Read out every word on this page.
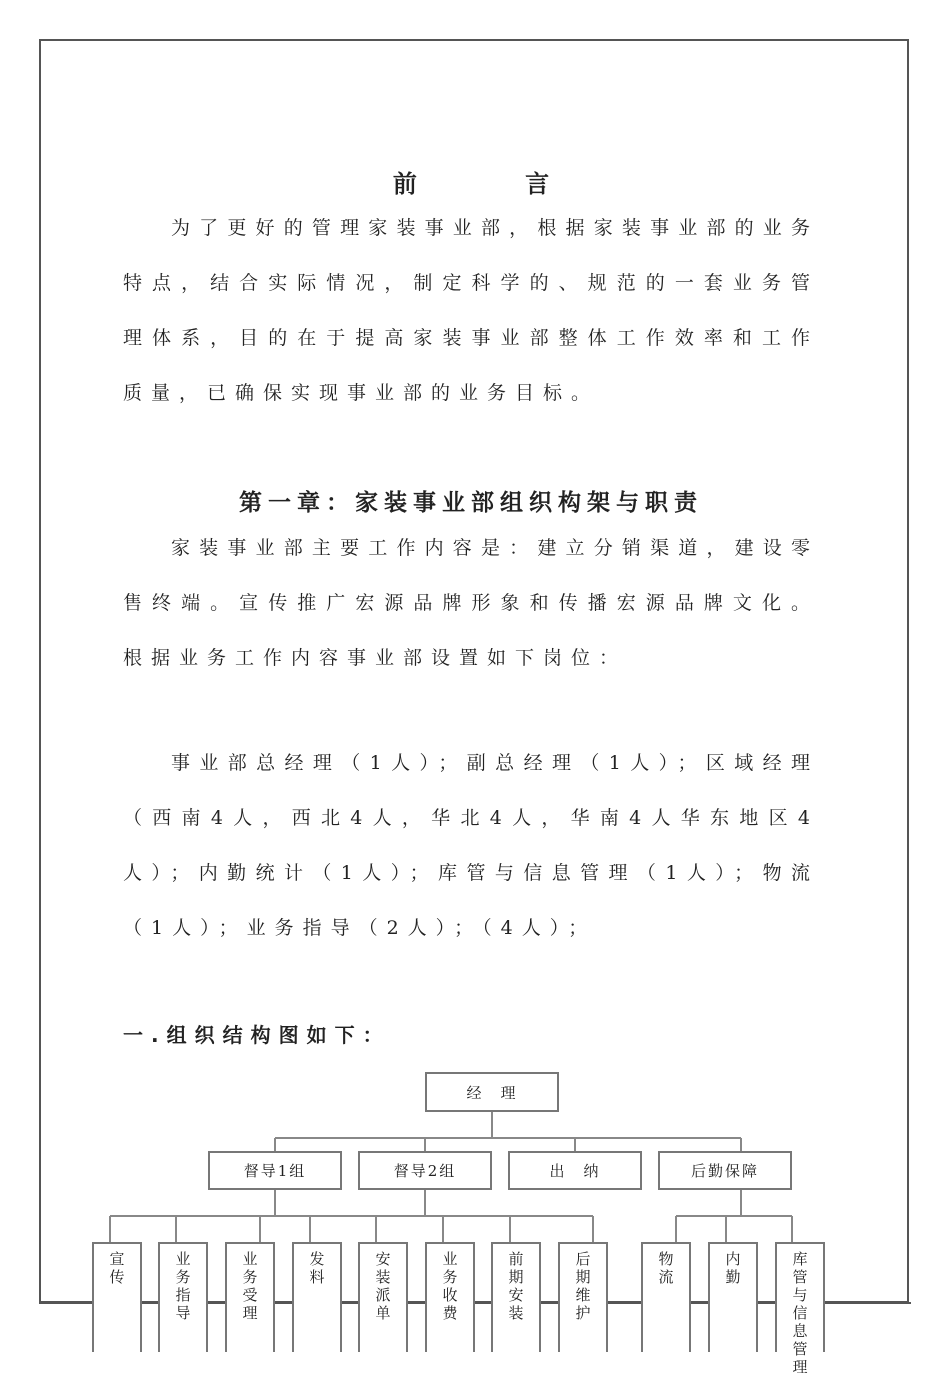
前 言
为了更好的管理家装事业部，根据家装事业部的业务特点，结合实际情况，制定科学的、规范的一套业务管理体系，目的在于提高家装事业部整体工作效率和工作质量，已确保实现事业部的业务目标。
第一章：家装事业部组织构架与职责
家装事业部主要工作内容是：建立分销渠道，建设零售终端。宣传推广宏源品牌形象和传播宏源品牌文化。根据业务工作内容事业部设置如下岗位：
事业部总经理（1人）；副总经理（1人）；区域经理（西南4人，西北4人，华北4人，华南4人华东地区4人）；内勤统计（1人）；库管与信息管理（1人）；物流（1人）；业务指导（2人）；（4人）；
一.组织结构图如下：
经　理
督导1组	督导2组	出　纳	后勤保障
宣　传
业务指导
业务受理
发　料
安装派单
业务收费
前期安装
后期维护
物流
内　勤
库管与信息管理
